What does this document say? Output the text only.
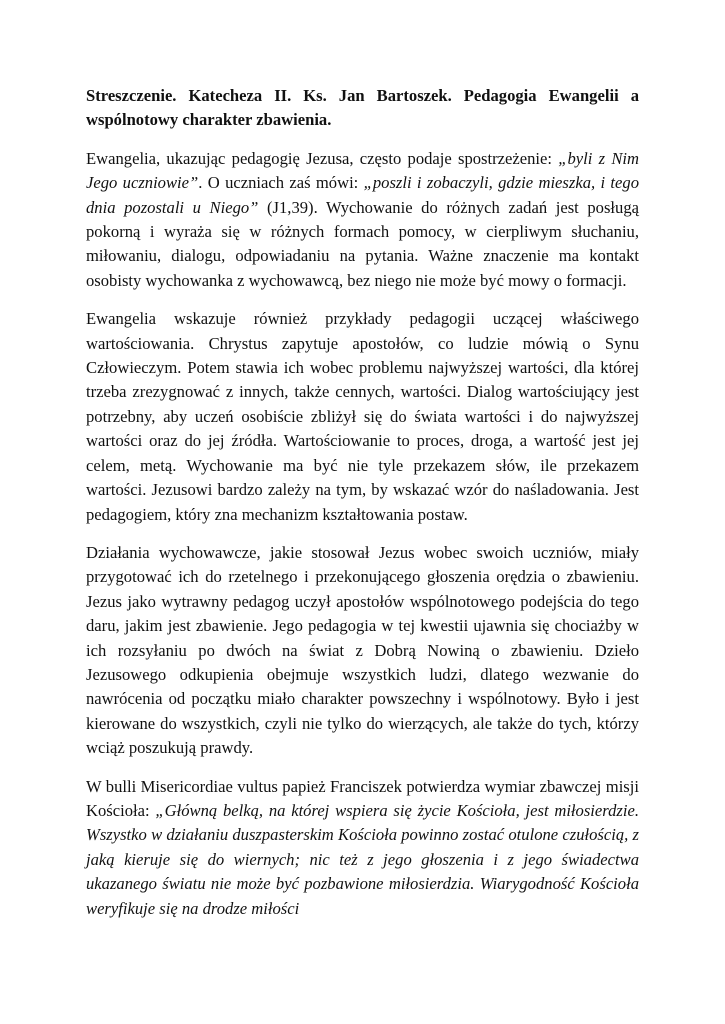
Streszczenie. Katecheza II. Ks. Jan Bartoszek. Pedagogia Ewangelii a wspólnotowy charakter zbawienia.

Ewangelia, ukazując pedagogię Jezusa, często podaje spostrzeżenie: „byli z Nim Jego uczniowie”. O uczniach zaś mówi: „poszli i zobaczyli, gdzie mieszka, i tego dnia pozostali u Niego” (J1,39). Wychowanie do różnych zadań jest posługą pokorną i wyraża się w różnych formach pomocy, w cierpliwym słuchaniu, miłowaniu, dialogu, odpowiadaniu na pytania. Ważne znaczenie ma kontakt osobisty wychowanka z wychowawcą, bez niego nie może być mowy o formacji.

Ewangelia wskazuje również przykłady pedagogii uczącej właściwego wartościowania. Chrystus zapytuje apostołów, co ludzie mówią o Synu Człowieczym. Potem stawia ich wobec problemu najwyższej wartości, dla której trzeba zrezygnować z innych, także cennych, wartości. Dialog wartościujący jest potrzebny, aby uczeń osobiście zbliżył się do świata wartości i do najwyższej wartości oraz do jej źródła. Wartościowanie to proces, droga, a wartość jest jej celem, metą. Wychowanie ma być nie tyle przekazem słów, ile przekazem wartości. Jezusowi bardzo zależy na tym, by wskazać wzór do naśladowania. Jest pedagogiem, który zna mechanizm kształtowania postaw.

Działania wychowawcze, jakie stosował Jezus wobec swoich uczniów, miały przygotować ich do rzetelnego i przekonującego głoszenia orędzia o zbawieniu. Jezus jako wytrawny pedagog uczył apostołów wspólnotowego podejścia do tego daru, jakim jest zbawienie. Jego pedagogia w tej kwestii ujawnia się chociażby w ich rozsyłaniu po dwóch na świat z Dobrą Nowiną o zbawieniu. Dzieło Jezusowego odkupienia obejmuje wszystkich ludzi, dlatego wezwanie do nawrócenia od początku miało charakter powszechny i wspólnotowy. Było i jest kierowane do wszystkich, czyli nie tylko do wierzących, ale także do tych, którzy wciąż poszukują prawdy.

W bulli Misericordiae vultus papież Franciszek potwierdza wymiar zbawczej misji Kościoła: „Główną belką, na której wspiera się życie Kościoła, jest miłosierdzie. Wszystko w działaniu duszpasterskim Kościoła powinno zostać otulone czułością, z jaką kieruje się do wiernych; nic też z jego głoszenia i z jego świadectwa ukazanego światu nie może być pozbawione miłosierdzia. Wiarygodność Kościoła weryfikuje się na drodze miłości
